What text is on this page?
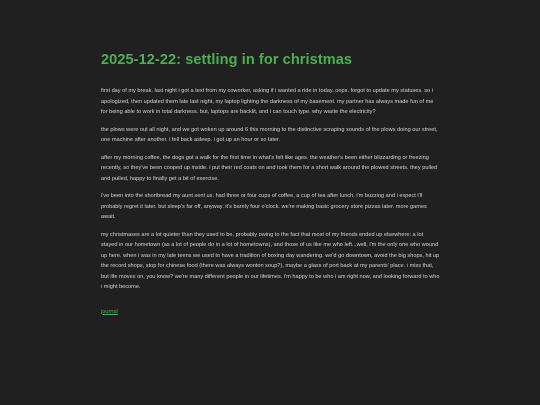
2025-12-22: settling in for christmas

first day of my break. last night i got a text from my coworker, asking if i wanted a ride in today. oops. forgot to update my statuses. so i apologized, then updated them late last night, my laptop lighting the darkness of my basement. my partner has always made fun of me for being able to work in total darkness. but, laptops are backlit, and i can touch type. why waste the electricity?

the plows were out all night, and we got woken up around 6 this morning to the distinctive scraping sounds of the plows doing our street, one machine after another. i fell back asleep. i got up an hour or so later.

after my morning coffee, the dogs got a walk for the first time in what's felt like ages. the weather's been either blizzarding or freezing recently, so they've been cooped up inside. i put their red coats on and took them for a short walk around the plowed streets. they pulled and pulled, happy to finally get a bit of exercise.

i've been into the shortbread my aunt sent us. had three or four cups of coffee, a cup of tea after lunch. i'm buzzing and i expect i'll probably regret it later. but sleep's far off, anyway. it's barely four o'clock. we're making basic grocery store pizzas later. more games await.

my christmases are a lot quieter than they used to be, probably owing to the fact that most of my friends ended up elsewhere: a lot stayed in our hometown (as a lot of people do in a lot of hometowns), and those of us like me who left...well, i'm the only one who wound up here. when i was in my late teens we used to have a tradition of boxing day wandering. we'd go downtown, avoid the big shops, hit up the record shops, stop for chinese food (there was always wonton soup?), maybe a glass of port back at my parents' place. i miss that, but life moves on, you know? we're many different people in our lifetimes. i'm happy to be who i am right now, and looking forward to who i might become.

journal
